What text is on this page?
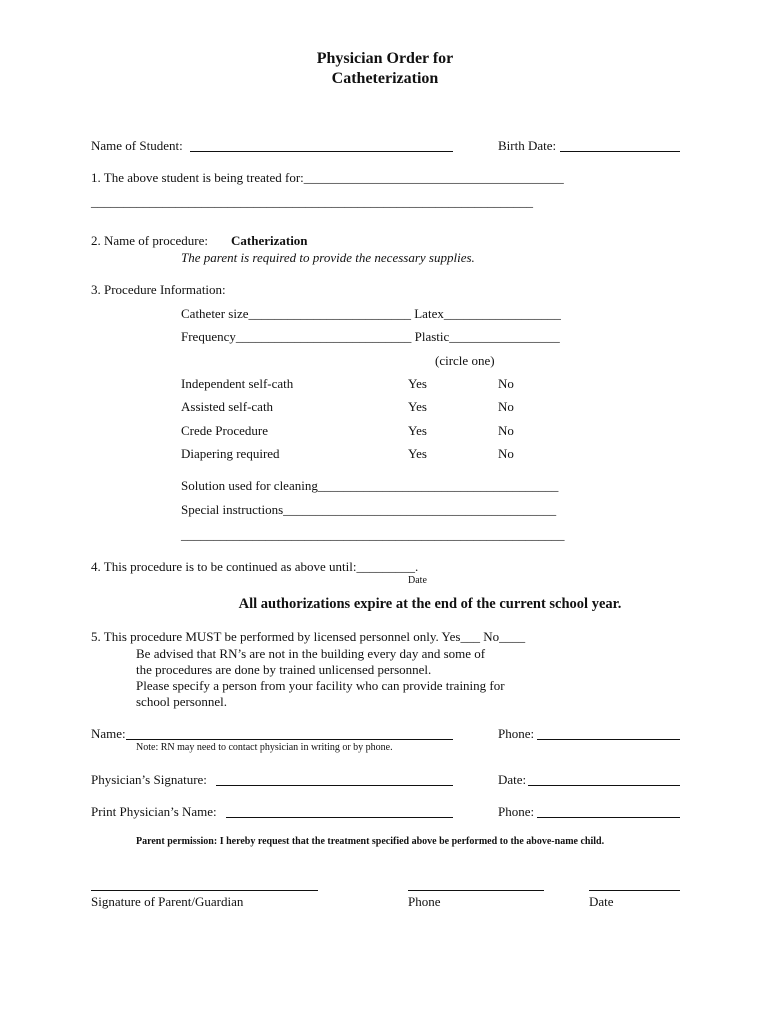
Physician Order for
Catheterization
Name of Student:	Birth Date:
1. The above student is being treated for:________________________________________
____________________________________________________________________
2. Name of procedure: Catherization
The parent is required to provide the necessary supplies.
3. Procedure Information:
Catheter size_________________________ Latex__________________
Frequency___________________________ Plastic_________________
(circle one)
Independent self-cath	Yes	No
Assisted self-cath	Yes	No
Crede Procedure	Yes	No
Diapering required	Yes	No
Solution used for cleaning_____________________________________
Special instructions__________________________________________
___________________________________________________________
4. This procedure is to be continued as above until:_________.
Date
All authorizations expire at the end of the current school year.
5. This procedure MUST be performed by licensed personnel only. Yes___ No____
Be advised that RN’s are not in the building every day and some of
the procedures are done by trained unlicensed personnel.
Please specify a person from your facility who can provide training for
school personnel.
Name:	Phone:
Note: RN may need to contact physician in writing or by phone.
Physician’s Signature:	Date:
Print Physician’s Name:	Phone:
Parent permission: I hereby request that the treatment specified above be performed to the above-name child.
Signature of Parent/Guardian	Phone	Date
